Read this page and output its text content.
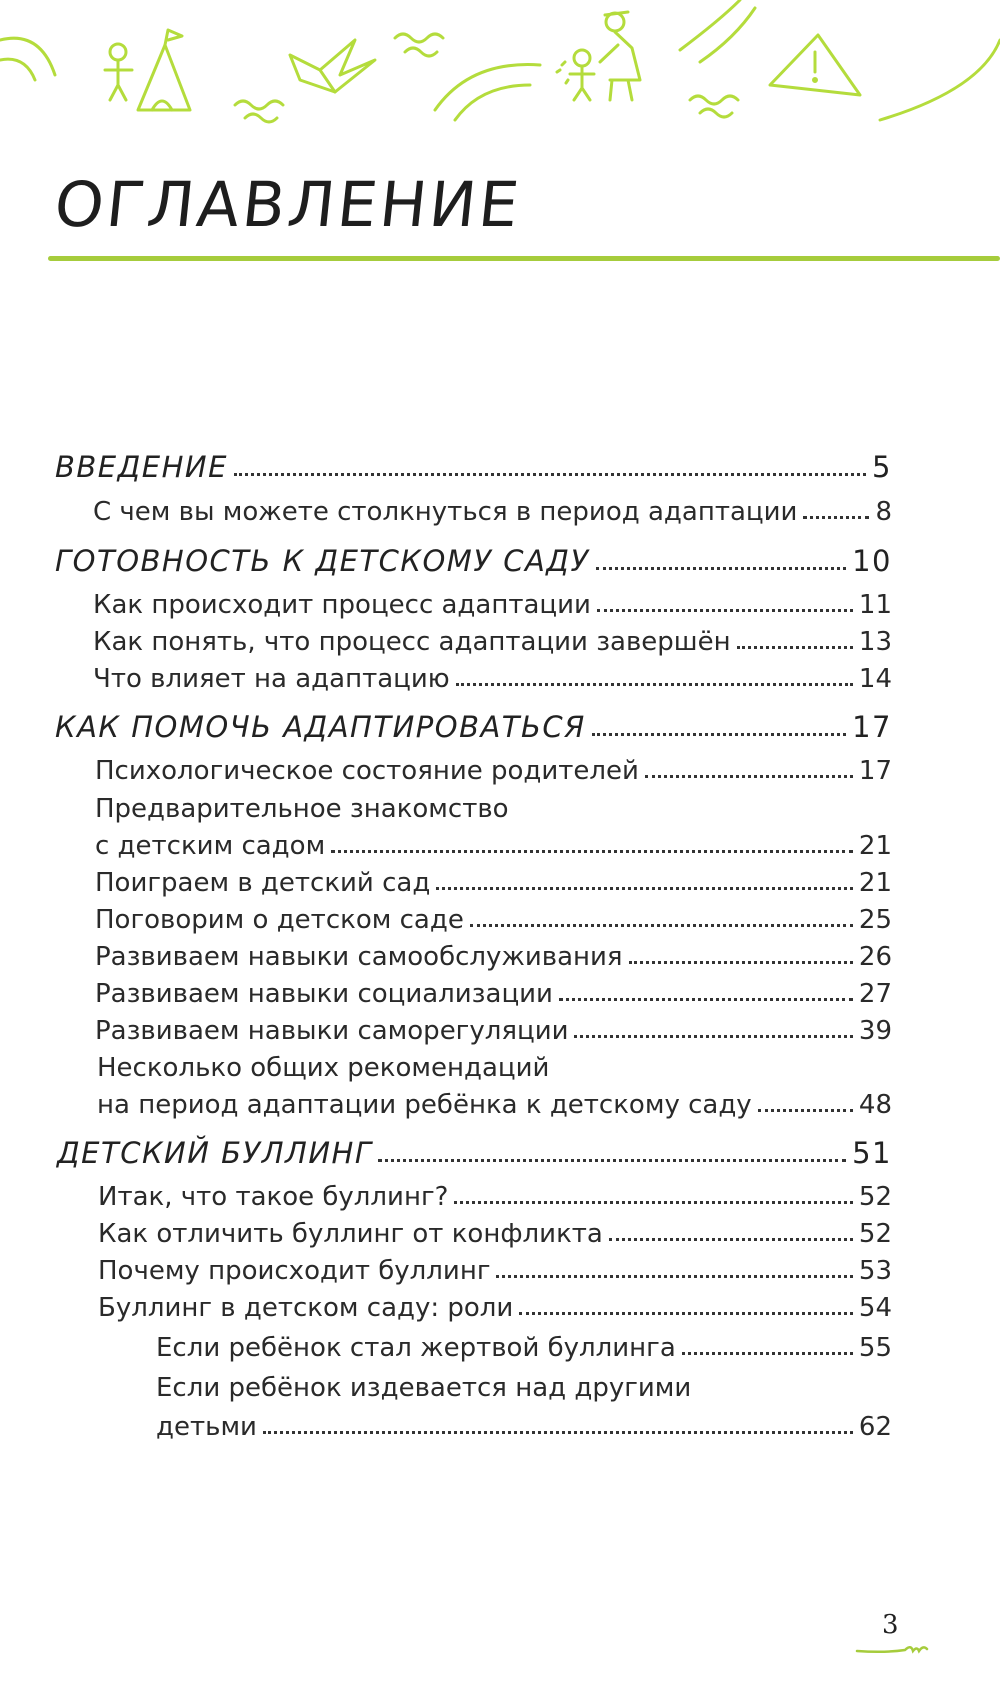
ОГЛАВЛЕНИЕ
ВВЕДЕНИЕ	5
С чем вы можете столкнуться в период адаптации	8
ГОТОВНОСТЬ К ДЕТСКОМУ САДУ	10
Как происходит процесс адаптации	11
Как понять, что процесс адаптации завершён	13
Что влияет на адаптацию	14
КАК ПОМОЧЬ АДАПТИРОВАТЬСЯ	17
Психологическое состояние родителей	17
Предварительное знакомство
с детским садом	21
Поиграем в детский сад	21
Поговорим о детском саде	25
Развиваем навыки самообслуживания	26
Развиваем навыки социализации	27
Развиваем навыки саморегуляции	39
Несколько общих рекомендаций
на период адаптации ребёнка к детскому саду	48
ДЕТСКИЙ БУЛЛИНГ	51
Итак, что такое буллинг?	52
Как отличить буллинг от конфликта	52
Почему происходит буллинг	53
Буллинг в детском саду: роли	54
Если ребёнок стал жертвой буллинга	55
Если ребёнок издевается над другими
детьми	62
3
